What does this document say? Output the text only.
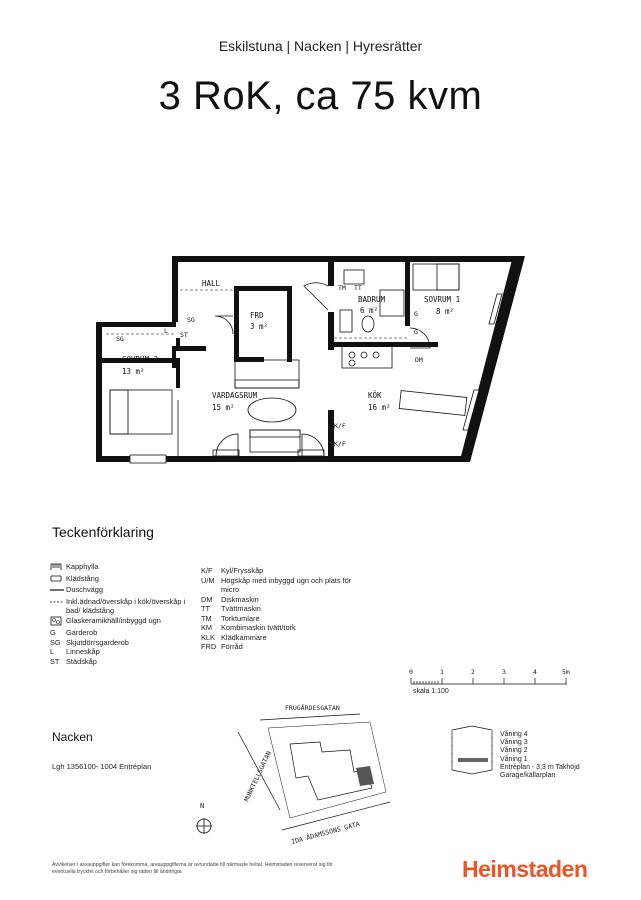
Eskilstuna | Nacken | Hyresrätter
3 RoK, ca 75 kvm
HALL
FRD
3 m²
BADRUM
6 m²
SOVRUM 1
8 m²
SOVRUM 2
13 m²
VARDAGSRUM
15 m²
KÖK
16 m²
SG
ST
L
SG
TM TT
G
G
DM
K/F
K/F
Teckenförklaring
Kapphylla
Klädstång
Duschvägg
Inkl.ädnad/överskåp i kök/överskåp i bad/ klädstång
Glaskeramikhäll/inbyggd ugn
G	Garderob
SG Skjutdörrsgarderob
L	Linneskåp
ST Städskåp
K/F	Kyl/Frysskåp
U/M Högskåp med inbyggd ugn och plats för micro
DM	Diskmaskin
TT	Tvättmaskin
TM	Torktumlare
KM	Kombimaskin tvätt/tork
KLK Klädkammare
FRD Förråd
0	1	2	3	4	5m
skala 1:100
Nacken
Lgh 1356100- 1004 Entréplan
FRUGÅRDESGATAN
MUNKTELLSGATAN
IDA ÅDAMSSONS GATA
N
Våning 4
Våning 3
Våning 2
Våning 1
Entréplan - 3,3 m Takhöjd
Garage/källarplan
Avvikelser i areauppgifter kan förekomma, areauppgifterna är avrundade till närmaste heltal. Heimstaden reserverar sig för eventuella tryckfel och förbehåller sig rätten till ändringar.	Heimstaden
